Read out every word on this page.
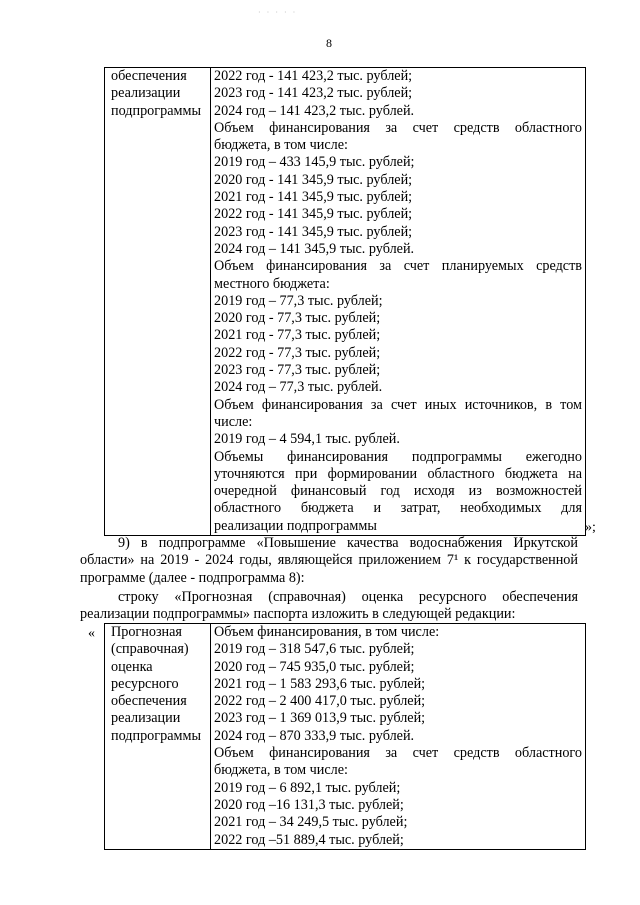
· · · · ·
8
обеспечения
реализации
подпрограммы

2022 год - 141 423,2 тыс. рублей;
2023 год - 141 423,2 тыс. рублей;
2024 год – 141 423,2 тыс. рублей.
Объем финансирования за счет средств областного
бюджета, в том числе:
2019 год – 433 145,9 тыс. рублей;
2020 год - 141 345,9 тыс. рублей;
2021 год - 141 345,9 тыс. рублей;
2022 год - 141 345,9 тыс. рублей;
2023 год - 141 345,9 тыс. рублей;
2024 год – 141 345,9 тыс. рублей.
Объем финансирования за счет планируемых средств
местного бюджета:
2019 год – 77,3 тыс. рублей;
2020 год - 77,3 тыс. рублей;
2021 год - 77,3 тыс. рублей;
2022 год - 77,3 тыс. рублей;
2023 год - 77,3 тыс. рублей;
2024 год – 77,3 тыс. рублей.
Объем финансирования за счет иных источников, в том
числе:
2019 год – 4 594,1 тыс. рублей.
Объемы финансирования подпрограммы ежегодно
уточняются при формировании областного бюджета на
очередной финансовый год исходя из возможностей
областного бюджета и затрат, необходимых для
реализации подпрограммы	»;
9) в подпрограмме «Повышение качества водоснабжения Иркутской
области» на 2019 - 2024 годы, являющейся приложением 7¹ к государственной
программе (далее - подпрограмма 8):
строку «Прогнозная (справочная) оценка ресурсного обеспечения
реализации подпрограммы» паспорта изложить в следующей редакции:
« Прогнозная
(справочная)
оценка
ресурсного
обеспечения
реализации
подпрограммы

Объем финансирования, в том числе:
2019 год – 318 547,6 тыс. рублей;
2020 год – 745 935,0 тыс. рублей;
2021 год – 1 583 293,6 тыс. рублей;
2022 год – 2 400 417,0 тыс. рублей;
2023 год – 1 369 013,9 тыс. рублей;
2024 год – 870 333,9 тыс. рублей.
Объем финансирования за счет средств областного
бюджета, в том числе:
2019 год – 6 892,1 тыс. рублей;
2020 год –16 131,3 тыс. рублей;
2021 год – 34 249,5 тыс. рублей;
2022 год –51 889,4 тыс. рублей;
